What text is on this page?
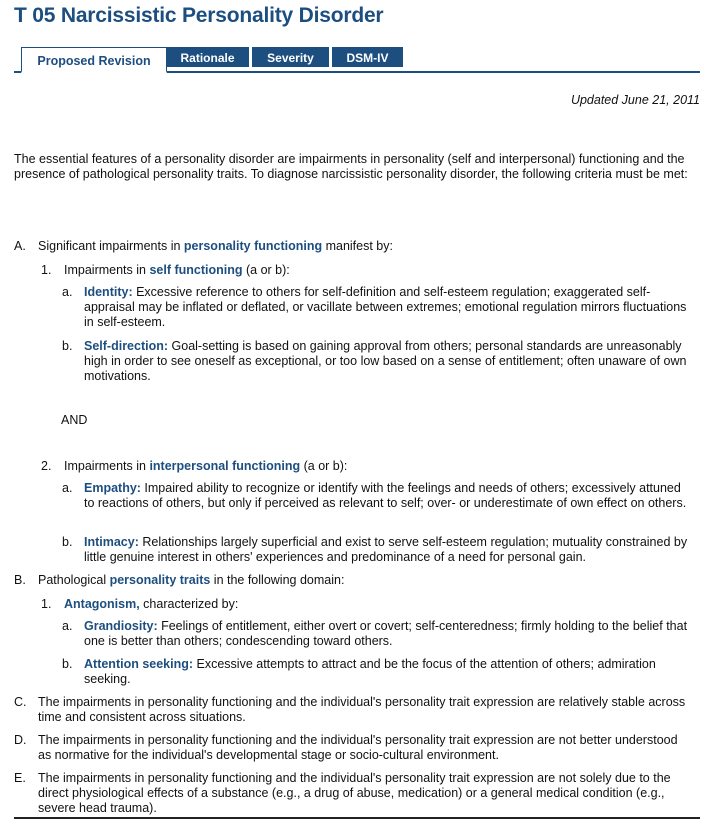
T 05 Narcissistic Personality Disorder
Proposed Revision	Rationale	Severity	DSM-IV
Updated June 21, 2011

The essential features of a personality disorder are impairments in personality (self and interpersonal) functioning and the presence of pathological personality traits. To diagnose narcissistic personality disorder, the following criteria must be met:

A. Significant impairments in personality functioning manifest by:
1. Impairments in self functioning (a or b):
a. Identity: Excessive reference to others for self-definition and self-esteem regulation; exaggerated self-appraisal may be inflated or deflated, or vacillate between extremes; emotional regulation mirrors fluctuations in self-esteem.
b. Self-direction: Goal-setting is based on gaining approval from others; personal standards are unreasonably high in order to see oneself as exceptional, or too low based on a sense of entitlement; often unaware of own motivations.
AND
2. Impairments in interpersonal functioning (a or b):
a. Empathy: Impaired ability to recognize or identify with the feelings and needs of others; excessively attuned to reactions of others, but only if perceived as relevant to self; over- or underestimate of own effect on others.
b. Intimacy: Relationships largely superficial and exist to serve self-esteem regulation; mutuality constrained by little genuine interest in others' experiences and predominance of a need for personal gain.
B. Pathological personality traits in the following domain:
1. Antagonism, characterized by:
a. Grandiosity: Feelings of entitlement, either overt or covert; self-centeredness; firmly holding to the belief that one is better than others; condescending toward others.
b. Attention seeking: Excessive attempts to attract and be the focus of the attention of others; admiration seeking.
C. The impairments in personality functioning and the individual's personality trait expression are relatively stable across time and consistent across situations.
D. The impairments in personality functioning and the individual's personality trait expression are not better understood as normative for the individual's developmental stage or socio-cultural environment.
E. The impairments in personality functioning and the individual's personality trait expression are not solely due to the direct physiological effects of a substance (e.g., a drug of abuse, medication) or a general medical condition (e.g., severe head trauma).
